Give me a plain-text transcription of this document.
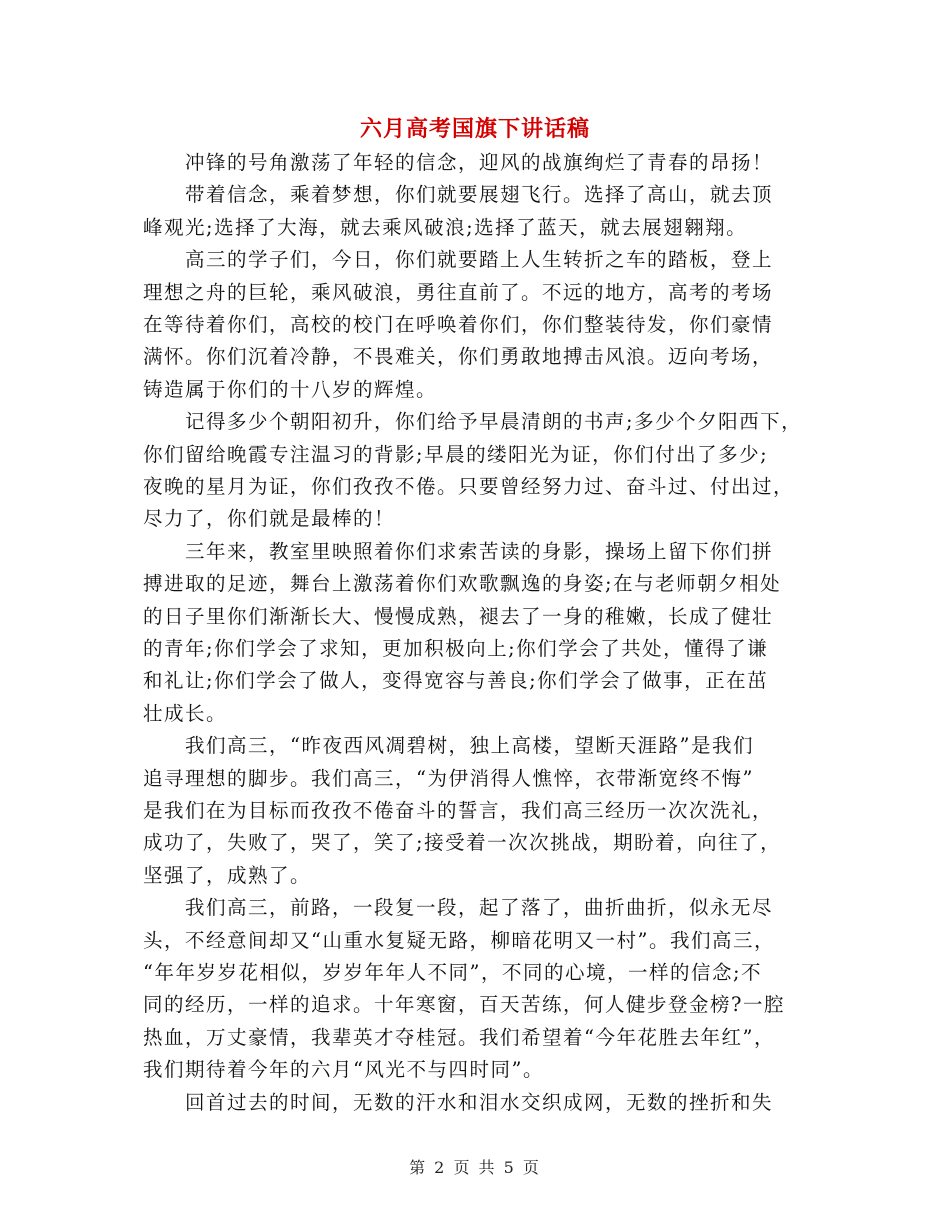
六月高考国旗下讲话稿
　　冲锋的号角激荡了年轻的信念，迎风的战旗绚烂了青春的昂扬！
　　带着信念，乘着梦想，你们就要展翅飞行。选择了高山，就去顶
峰观光;选择了大海，就去乘风破浪;选择了蓝天，就去展翅翱翔。
　　高三的学子们，今日，你们就要踏上人生转折之车的踏板，登上
理想之舟的巨轮，乘风破浪，勇往直前了。不远的地方，高考的考场
在等待着你们，高校的校门在呼唤着你们，你们整装待发，你们豪情
满怀。你们沉着冷静，不畏难关，你们勇敢地搏击风浪。迈向考场，
铸造属于你们的十八岁的辉煌。
　　记得多少个朝阳初升，你们给予早晨清朗的书声;多少个夕阳西下，
你们留给晚霞专注温习的背影;早晨的缕阳光为证，你们付出了多少;
夜晚的星月为证，你们孜孜不倦。只要曾经努力过、奋斗过、付出过，
尽力了，你们就是最棒的！
　　三年来，教室里映照着你们求索苦读的身影，操场上留下你们拼
搏进取的足迹，舞台上激荡着你们欢歌飘逸的身姿;在与老师朝夕相处
的日子里你们渐渐长大、慢慢成熟，褪去了一身的稚嫩，长成了健壮
的青年;你们学会了求知，更加积极向上;你们学会了共处，懂得了谦
和礼让;你们学会了做人，变得宽容与善良;你们学会了做事，正在茁
壮成长。
　　我们高三，“昨夜西风凋碧树，独上高楼，望断天涯路”是我们
追寻理想的脚步。我们高三，“为伊消得人憔悴，衣带渐宽终不悔”
是我们在为目标而孜孜不倦奋斗的誓言，我们高三经历一次次洗礼，
成功了，失败了，哭了，笑了;接受着一次次挑战，期盼着，向往了，
坚强了，成熟了。
　　我们高三，前路，一段复一段，起了落了，曲折曲折，似永无尽
头，不经意间却又“山重水复疑无路，柳暗花明又一村”。我们高三，
“年年岁岁花相似，岁岁年年人不同”，不同的心境，一样的信念;不
同的经历，一样的追求。十年寒窗，百天苦练，何人健步登金榜?一腔
热血，万丈豪情，我辈英才夺桂冠。我们希望着“今年花胜去年红”，
我们期待着今年的六月“风光不与四时同”。
　　回首过去的时间，无数的汗水和泪水交织成网，无数的挫折和失
第 2 页 共 5 页
